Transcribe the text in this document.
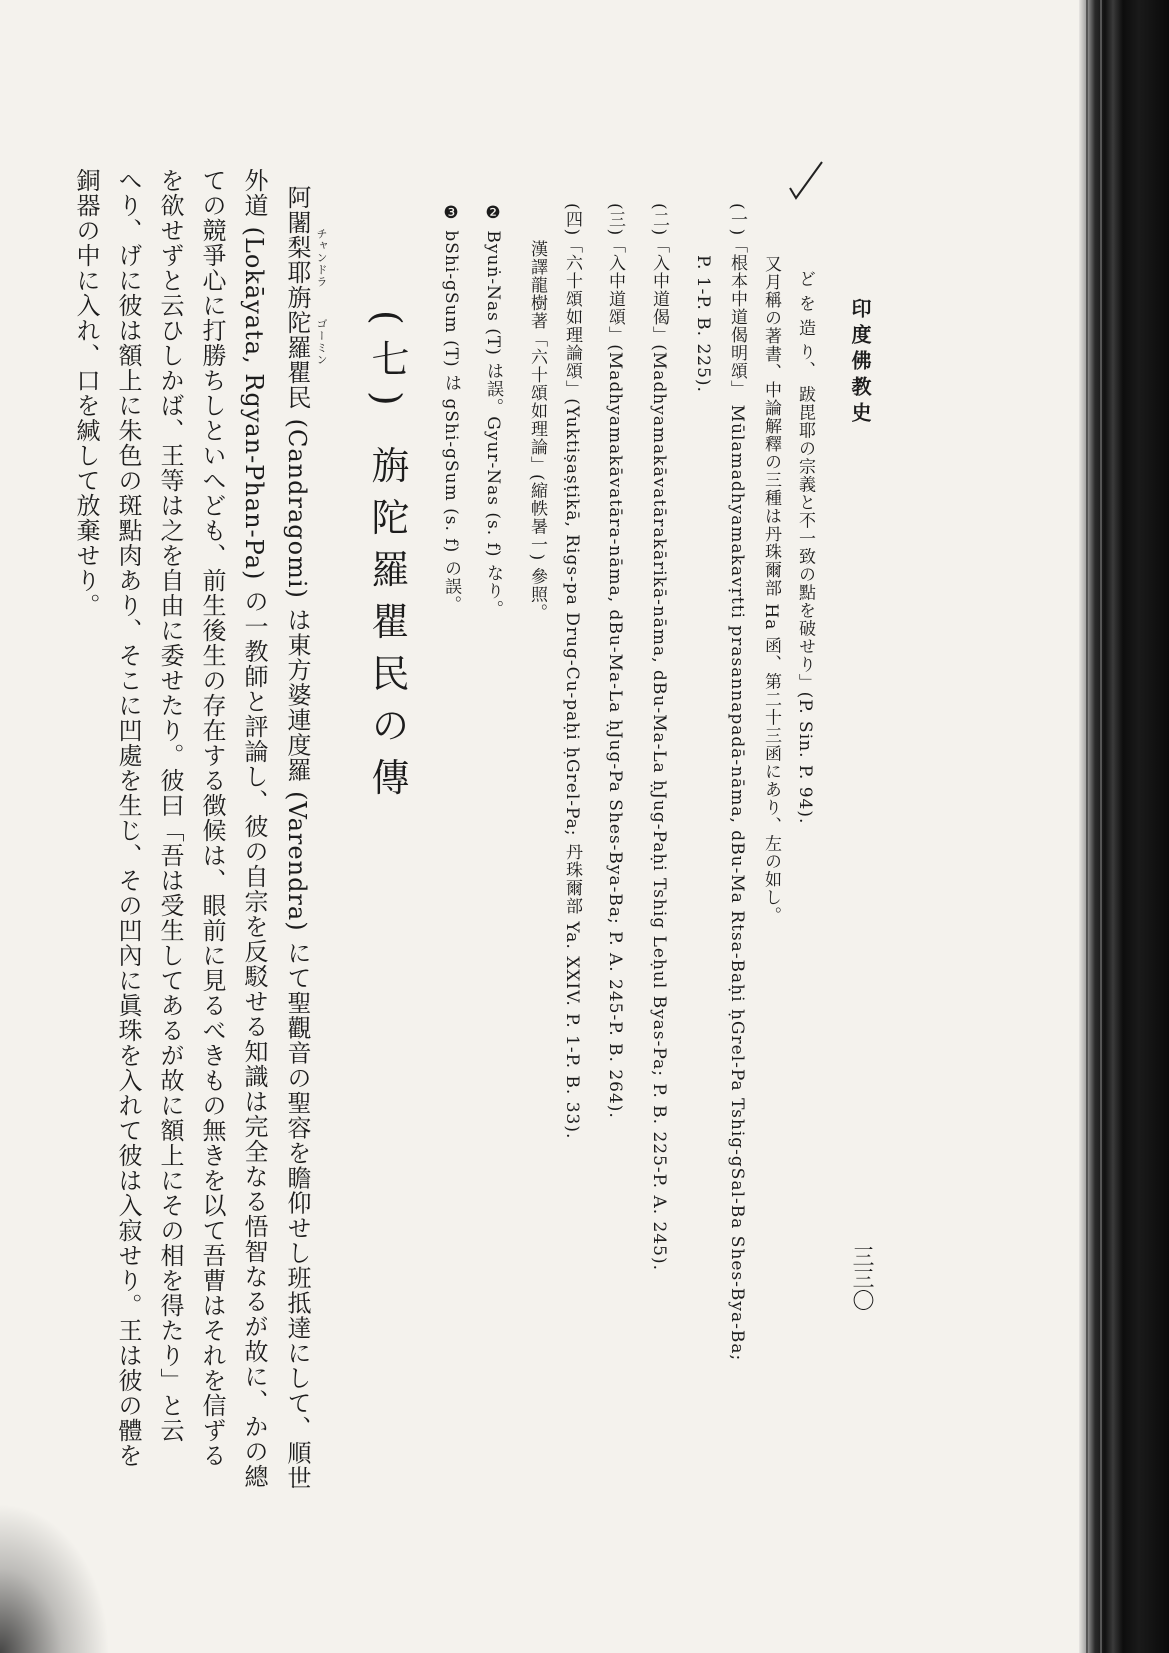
印度佛教史
三三〇
ど を 造 り、 跋毘耶の宗義と不一致の點を破せり」(P. Sin. P. 94).
又月稱の著書、中論解釋の三種は丹珠爾部 Ha 函、第二十三函にあり、左の如し。
(一)「根本中道偈明頌」 Mūlamadhyamakavṛtti prasannapadā-nāma, dBu-Ma Rtsa-Baḥi ḥGrel-Pa Tshig-gSal-Ba Shes-Bya-Ba;
P. 1-P. B. 225).
(二)「入中道偈」(Madhyamakāvatārakārikā-nāma, dBu-Ma-La ḥJug-Paḥi Tshig Leḥul Byas-Pa; P. B. 225-P. A. 245).
(三)「入中道頌」(Madhyamakāvatāra-nāma, dBu-Ma-La ḥJug-Pa Shes-Bya-Ba; P. A. 245-P. B. 264).
(四)「六十頌如理論頌」(Yuktiṣaṣṭikā, Rigs-pa Drug-Cu-paḥi ḥGrel-Pa; 丹珠爾部 Ya. XXIV. P. 1-P. B. 33).
漢譯龍樹著「六十頌如理論」(縮帙暑一) 參照。
❷ Byuṅ-Nas (T) は誤。Gyur-Nas (s. f) なり。
❸ bShi-gSum (T) は gShi-gSum (s. f) の誤。
(七) 旃陀羅瞿民の傳
チャンドラ
ゴーミン
阿闍梨耶旃陀羅瞿民 (Candragomi) は東方婆連度羅 (Varendra) にて聖觀音の聖容を瞻仰せし班抵達にして、順世
外道 (Lokāyata, Rgyan-Phan-Pa) の一教師と評論し、彼の自宗を反駁せる知識は完全なる悟智なるが故に、かの總
ての競爭心に打勝ちしといへども、前生後生の存在する徴候は、眼前に見るべきもの無きを以て吾曹はそれを信ずる
を欲せずと云ひしかば、王等は之を自由に委せたり。彼曰「吾は受生してあるが故に額上にその相を得たり」と云
へり、げに彼は額上に朱色の斑點肉あり、そこに凹處を生じ、その凹內に眞珠を入れて彼は入寂せり。王は彼の體を
銅器の中に入れ、口を緘して放棄せり。
